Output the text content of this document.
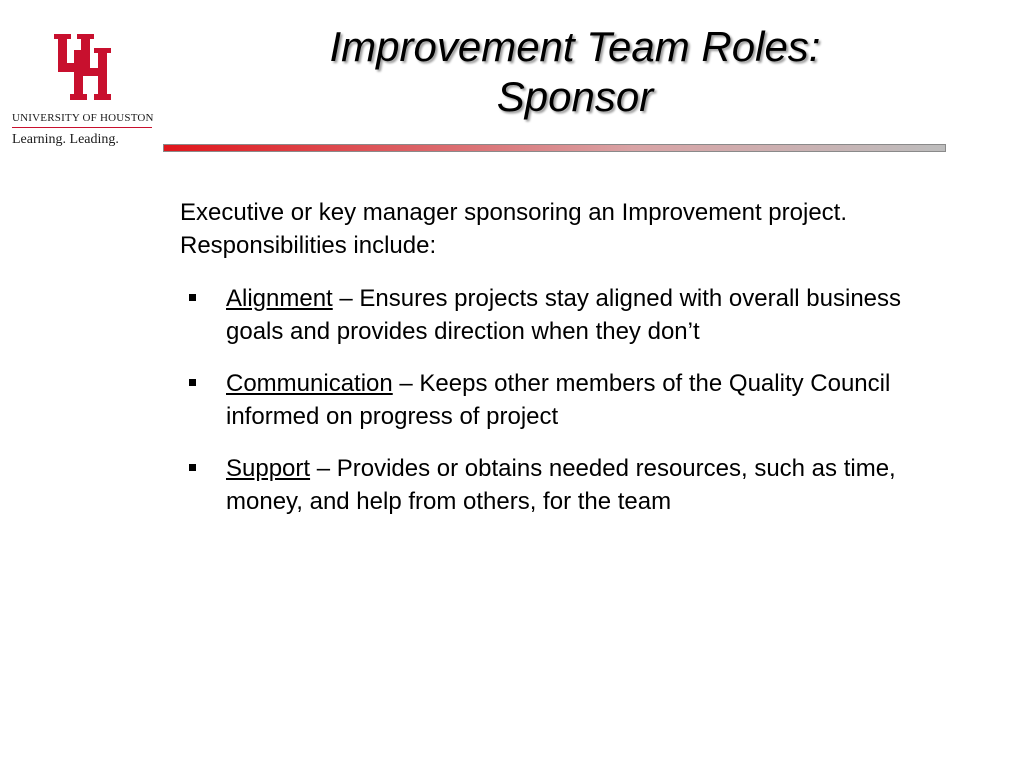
UNIVERSITY OF HOUSTON
Learning. Leading.
Improvement Team Roles:
Sponsor

Executive or key manager sponsoring an Improvement project. Responsibilities include:

Alignment – Ensures projects stay aligned with overall business goals and provides direction when they don’t
Communication – Keeps other members of the Quality Council informed on progress of project
Support – Provides or obtains needed resources, such as time, money, and help from others, for the team
